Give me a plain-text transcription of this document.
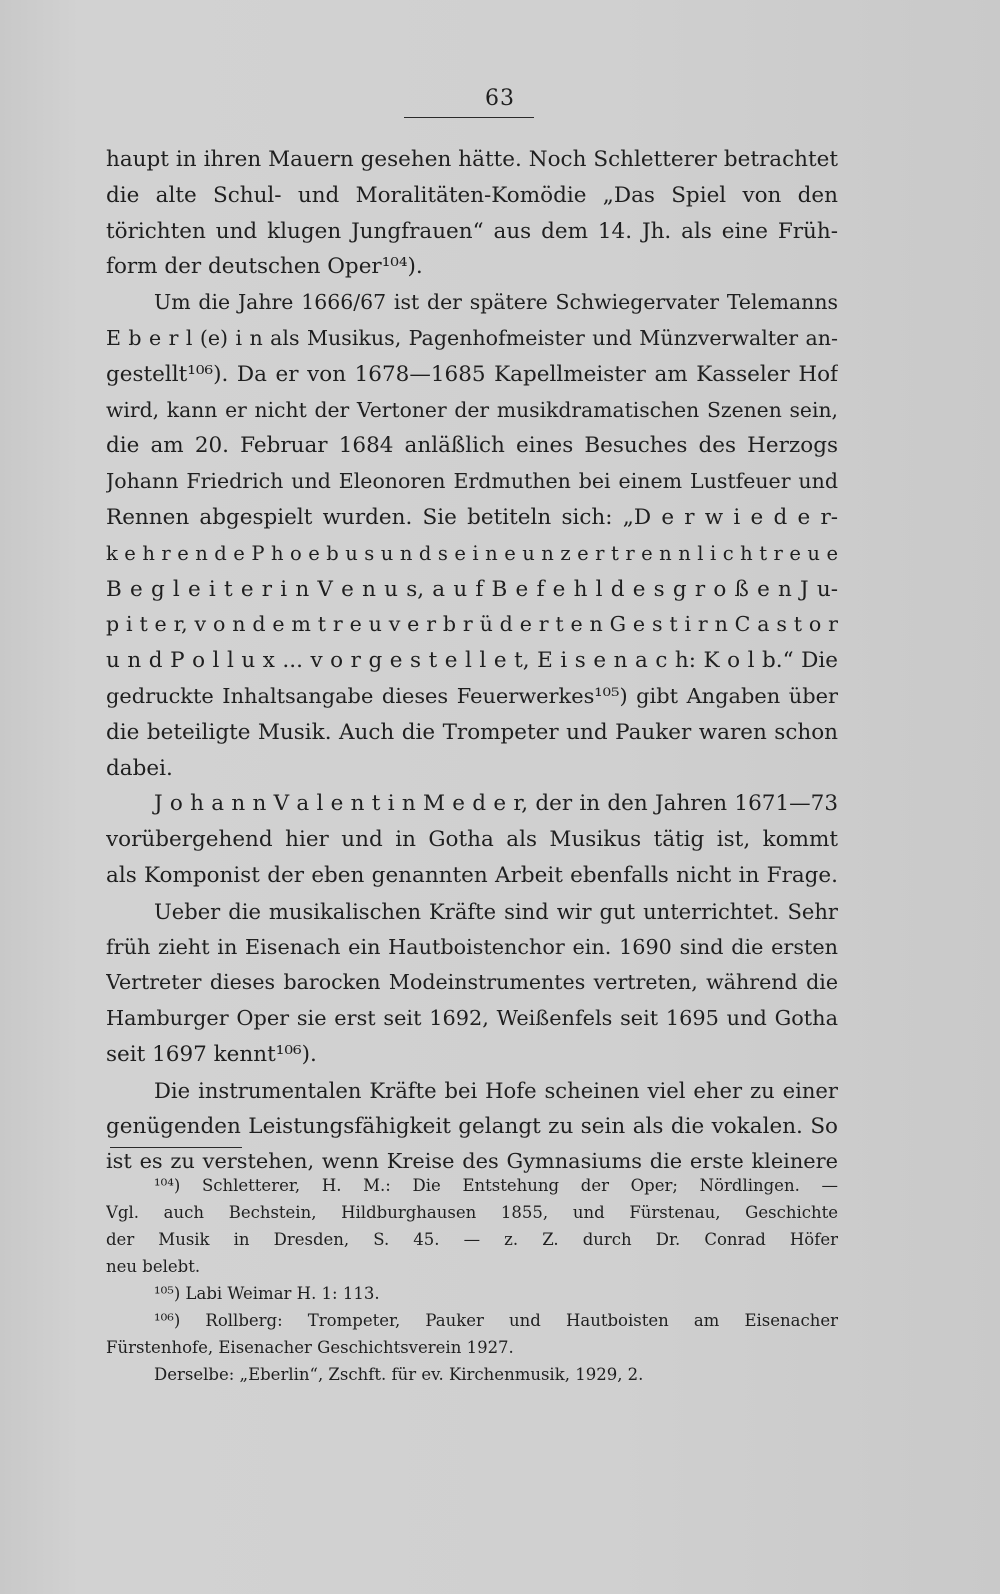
63
haupt in ihren Mauern gesehen hätte. Noch Schletterer betrachtet
die alte Schul- und Moralitäten-Komödie „Das Spiel von den
törichten und klugen Jungfrauen“ aus dem 14. Jh. als eine Früh-
form der deutschen Oper¹⁰⁴).
Um die Jahre 1666/67 ist der spätere Schwiegervater Telemanns
E b e r l (e) i n als Musikus, Pagenhofmeister und Münzverwalter an-
gestellt¹⁰⁶). Da er von 1678—1685 Kapellmeister am Kasseler Hof
wird, kann er nicht der Vertoner der musikdramatischen Szenen sein,
die am 20. Februar 1684 anläßlich eines Besuches des Herzogs
Johann Friedrich und Eleonoren Erdmuthen bei einem Lustfeuer und
Rennen abgespielt wurden. Sie betiteln sich: „D e r w i e d e r-
k e h r e n d e P h o e b u s u n d s e i n e u n z e r t r e n n l i c h t r e u e
B e g l e i t e r i n V e n u s, a u f B e f e h l d e s g r o ß e n J u-
p i t e r, v o n d e m t r e u v e r b r ü d e r t e n G e s t i r n C a s t o r
u n d P o l l u x ... v o r g e s t e l l e t, E i s e n a c h: K o l b.“ Die
gedruckte Inhaltsangabe dieses Feuerwerkes¹⁰⁵) gibt Angaben über
die beteiligte Musik. Auch die Trompeter und Pauker waren schon
dabei.
J o h a n n V a l e n t i n M e d e r, der in den Jahren 1671—73
vorübergehend hier und in Gotha als Musikus tätig ist, kommt
als Komponist der eben genannten Arbeit ebenfalls nicht in Frage.
Ueber die musikalischen Kräfte sind wir gut unterrichtet. Sehr
früh zieht in Eisenach ein Hautboistenchor ein. 1690 sind die ersten
Vertreter dieses barocken Modeinstrumentes vertreten, während die
Hamburger Oper sie erst seit 1692, Weißenfels seit 1695 und Gotha
seit 1697 kennt¹⁰⁶).
Die instrumentalen Kräfte bei Hofe scheinen viel eher zu einer
genügenden Leistungsfähigkeit gelangt zu sein als die vokalen. So
ist es zu verstehen, wenn Kreise des Gymnasiums die erste kleinere
¹⁰⁴) Schletterer, H. M.: Die Entstehung der Oper; Nördlingen. —
Vgl. auch Bechstein, Hildburghausen 1855, und Fürstenau, Geschichte
der Musik in Dresden, S. 45. — z. Z. durch Dr. Conrad Höfer
neu belebt.
¹⁰⁵) Labi Weimar H. 1: 113.
¹⁰⁶) Rollberg: Trompeter, Pauker und Hautboisten am Eisenacher
Fürstenhofe, Eisenacher Geschichtsverein 1927.
Derselbe: „Eberlin“, Zschft. für ev. Kirchenmusik, 1929, 2.
